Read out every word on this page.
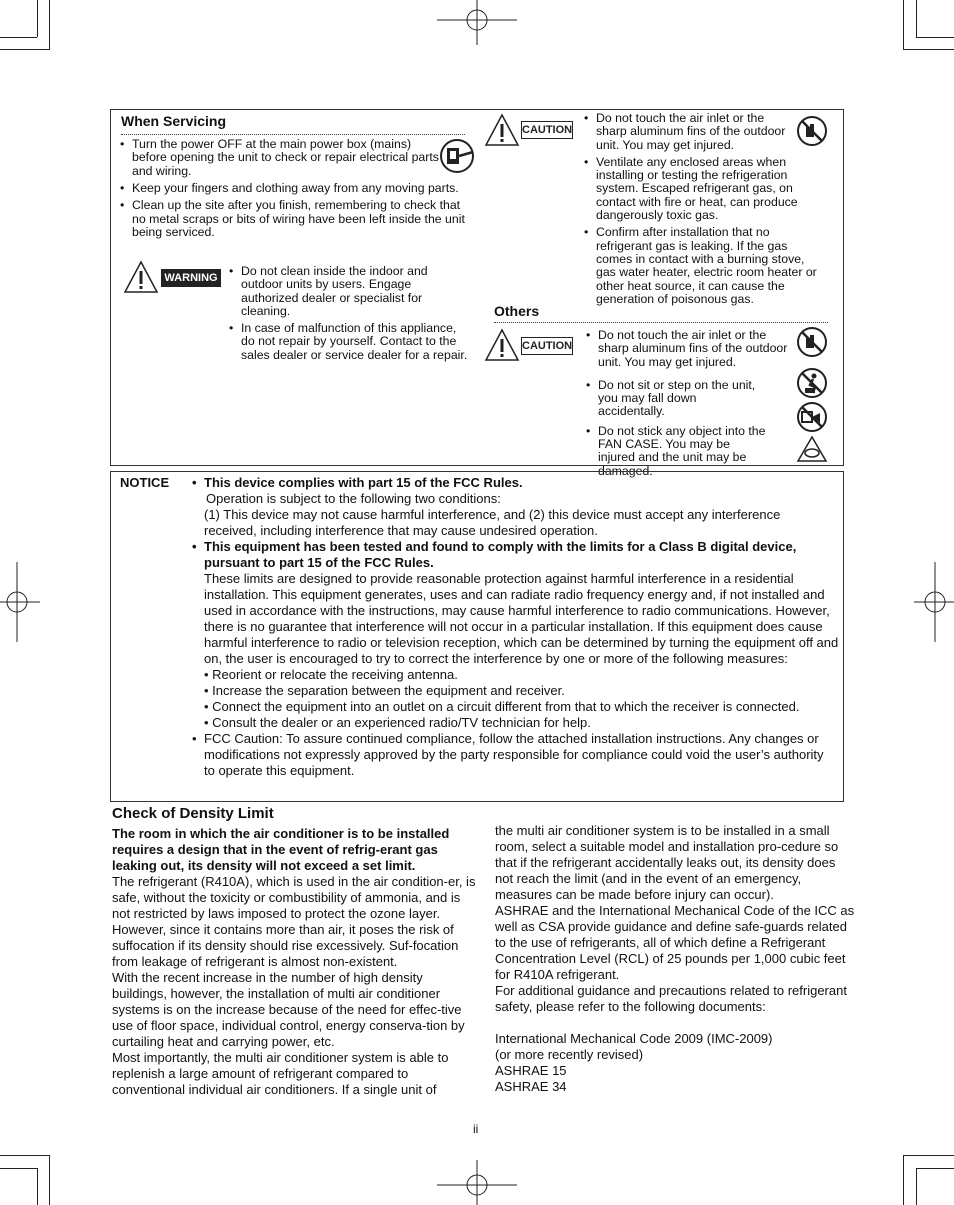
When Servicing
• Turn the power OFF at the main power box (mains) before opening the unit to check or repair electrical parts and wiring.
• Keep your fingers and clothing away from any moving parts.
• Clean up the site after you finish, remembering to check that no metal scraps or bits of wiring have been left inside the unit being serviced.
WARNING
•	Do not clean inside the indoor and outdoor units by users. Engage authorized dealer or specialist for cleaning.
• In case of malfunction of this appliance, do not repair by yourself. Contact to the sales dealer or service dealer for a repair.
CAUTION
• Do not touch the air inlet or the sharp aluminum fins of the outdoor unit. You may get injured.
• Ventilate any enclosed areas when installing or testing the refrigeration system. Escaped refrigerant gas, on contact with fire or heat, can produce dangerously toxic gas.
• Confirm after installation that no refrigerant gas is leaking. If the gas comes in contact with a burning stove, gas water heater, electric room heater or other heat source, it can cause the generation of poisonous gas.
Others
CAUTION
• Do not touch the air inlet or the sharp aluminum fins of the outdoor unit. You may get injured.
• Do not sit or step on the unit, you may fall down accidentally.
• Do not stick any object into the FAN CASE. You may be injured and the unit may be damaged.
NOTICE • This device complies with part 15 of the FCC Rules.
Operation is subject to the following two conditions:
(1) This device may not cause harmful interference, and (2) this device must accept any interference received, including interference that may cause undesired operation.
• This equipment has been tested and found to comply with the limits for a Class B digital device, pursuant to part 15 of the FCC Rules.
These limits are designed to provide reasonable protection against harmful interference in a residential installation. This equipment generates, uses and can radiate radio frequency energy and, if not installed and used in accordance with the instructions, may cause harmful interference to radio communications. However, there is no guarantee that interference will not occur in a particular installation. If this equipment does cause harmful interference to radio or television reception, which can be determined by turning the equipment off and on, the user is encouraged to try to correct the interference by one or more of the following measures:
• Reorient or relocate the receiving antenna.
• Increase the separation between the equipment and receiver.
• Connect the equipment into an outlet on a circuit different from that to which the receiver is connected.
• Consult the dealer or an experienced radio/TV technician for help.
• FCC Caution: To assure continued compliance, follow the attached installation instructions. Any changes or modifications not expressly approved by the party responsible for compliance could void the user’s authority to operate this equipment.
Check of Density Limit

The room in which the air conditioner is to be installed requires a design that in the event of refrig-erant gas leaking out, its density will not exceed a set limit.

The refrigerant (R410A), which is used in the air condition-er, is safe, without the toxicity or combustibility of ammonia, and is not restricted by laws imposed to protect the ozone layer. However, since it contains more than air, it poses the risk of suffocation if its density should rise excessively. Suf-focation from leakage of refrigerant is almost non-existent.

With the recent increase in the number of high density buildings, however, the installation of multi air conditioner systems is on the increase because of the need for effec-tive use of floor space, individual control, energy conserva-tion by curtailing heat and carrying power, etc.

Most importantly, the multi air conditioner system is able to replenish a large amount of refrigerant compared to conventional individual air conditioners. If a single unit of

the multi air conditioner system is to be installed in a small room, select a suitable model and installation pro-cedure so that if the refrigerant accidentally leaks out, its density does not reach the limit (and in the event of an emergency, measures can be made before injury can occur).

ASHRAE and the International Mechanical Code of the ICC as well as CSA provide guidance and define safe-guards related to the use of refrigerants, all of which define a Refrigerant Concentration Level (RCL) of 25 pounds per 1,000 cubic feet for R410A refrigerant.

For additional guidance and precautions related to refrigerant safety, please refer to the following documents:

International Mechanical Code 2009 (IMC-2009)

(or more recently revised)

ASHRAE 15

ASHRAE 34

ii
